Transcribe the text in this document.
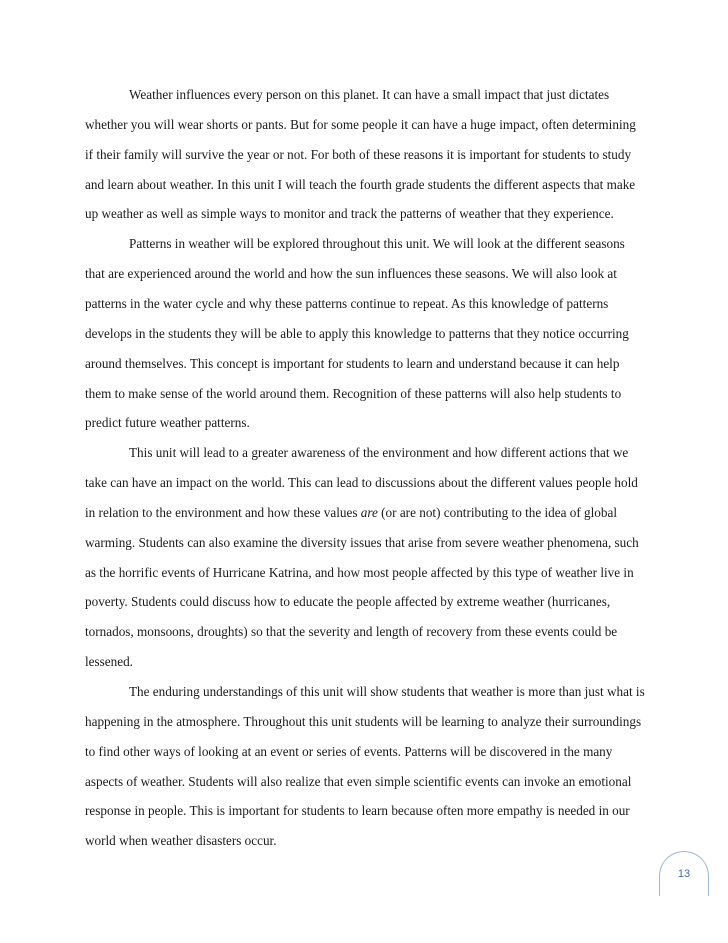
Weather influences every person on this planet. It can have a small impact that just dictates
whether you will wear shorts or pants. But for some people it can have a huge impact, often determining
if their family will survive the year or not. For both of these reasons it is important for students to study
and learn about weather. In this unit I will teach the fourth grade students the different aspects that make
up weather as well as simple ways to monitor and track the patterns of weather that they experience.
Patterns in weather will be explored throughout this unit. We will look at the different seasons
that are experienced around the world and how the sun influences these seasons. We will also look at
patterns in the water cycle and why these patterns continue to repeat. As this knowledge of patterns
develops in the students they will be able to apply this knowledge to patterns that they notice occurring
around themselves. This concept is important for students to learn and understand because it can help
them to make sense of the world around them. Recognition of these patterns will also help students to
predict future weather patterns.
This unit will lead to a greater awareness of the environment and how different actions that we
take can have an impact on the world. This can lead to discussions about the different values people hold
in relation to the environment and how these values are (or are not) contributing to the idea of global
warming. Students can also examine the diversity issues that arise from severe weather phenomena, such
as the horrific events of Hurricane Katrina, and how most people affected by this type of weather live in
poverty. Students could discuss how to educate the people affected by extreme weather (hurricanes,
tornados, monsoons, droughts) so that the severity and length of recovery from these events could be
lessened.
The enduring understandings of this unit will show students that weather is more than just what is
happening in the atmosphere. Throughout this unit students will be learning to analyze their surroundings
to find other ways of looking at an event or series of events. Patterns will be discovered in the many
aspects of weather. Students will also realize that even simple scientific events can invoke an emotional
response in people. This is important for students to learn because often more empathy is needed in our
world when weather disasters occur.
13
